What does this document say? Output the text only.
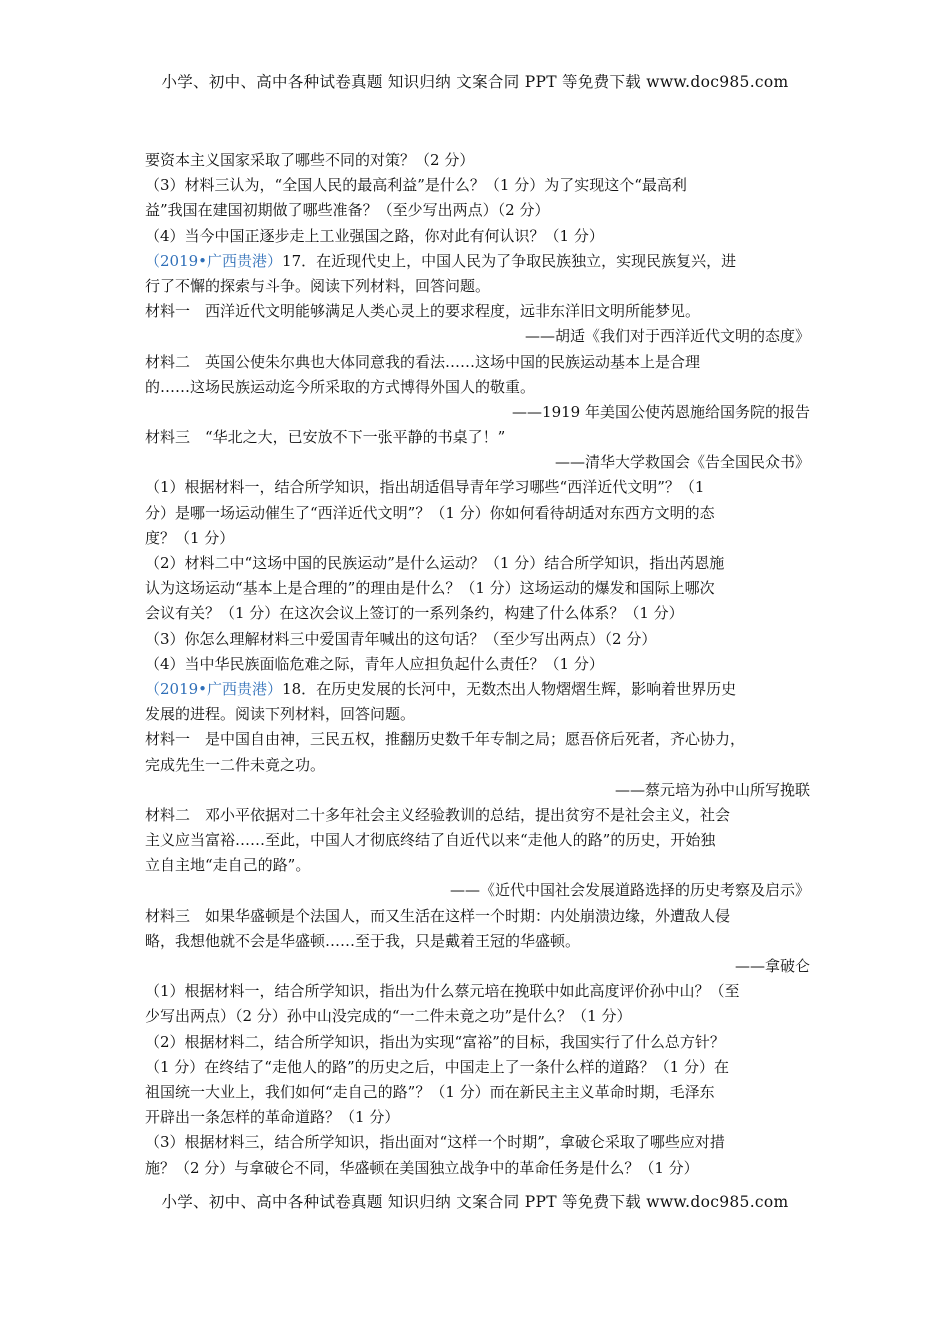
小学、初中、高中各种试卷真题 知识归纳 文案合同 PPT 等免费下载 www.doc985.com
要资本主义国家采取了哪些不同的对策？（2 分）
（3）材料三认为，“全国人民的最高利益”是什么？（1 分）为了实现这个“最高利
益”我国在建国初期做了哪些准备？（至少写出两点）（2 分）
（4）当今中国正逐步走上工业强国之路，你对此有何认识？（1 分）
（2019•广西贵港）17．在近现代史上，中国人民为了争取民族独立，实现民族复兴，进
行了不懈的探索与斗争。阅读下列材料，回答问题。
材料一　西洋近代文明能够满足人类心灵上的要求程度，远非东洋旧文明所能梦见。
——胡适《我们对于西洋近代文明的态度》
材料二　英国公使朱尔典也大体同意我的看法……这场中国的民族运动基本上是合理
的……这场民族运动迄今所采取的方式博得外国人的敬重。
——1919 年美国公使芮恩施给国务院的报告
材料三　“华北之大，已安放不下一张平静的书桌了！”
——清华大学救国会《告全国民众书》
（1）根据材料一，结合所学知识，指出胡适倡导青年学习哪些“西洋近代文明”？（1
分）是哪一场运动催生了“西洋近代文明”？（1 分）你如何看待胡适对东西方文明的态
度？（1 分）
（2）材料二中“这场中国的民族运动”是什么运动？（1 分）结合所学知识，指出芮恩施
认为这场运动“基本上是合理的”的理由是什么？（1 分）这场运动的爆发和国际上哪次
会议有关？（1 分）在这次会议上签订的一系列条约，构建了什么体系？（1 分）
（3）你怎么理解材料三中爱国青年喊出的这句话？（至少写出两点）（2 分）
（4）当中华民族面临危难之际，青年人应担负起什么责任？（1 分）
（2019•广西贵港）18．在历史发展的长河中，无数杰出人物熠熠生辉，影响着世界历史
发展的进程。阅读下列材料，回答问题。
材料一　是中国自由神，三民五权，推翻历史数千年专制之局；愿吾侪后死者，齐心协力，
完成先生一二件未竟之功。
——蔡元培为孙中山所写挽联
材料二　邓小平依据对二十多年社会主义经验教训的总结，提出贫穷不是社会主义，社会
主义应当富裕……至此，中国人才彻底终结了自近代以来“走他人的路”的历史，开始独
立自主地“走自己的路”。
——《近代中国社会发展道路选择的历史考察及启示》
材料三　如果华盛顿是个法国人，而又生活在这样一个时期：内处崩溃边缘，外遭敌人侵
略，我想他就不会是华盛顿……至于我，只是戴着王冠的华盛顿。
——拿破仑
（1）根据材料一，结合所学知识，指出为什么蔡元培在挽联中如此高度评价孙中山？（至
少写出两点）（2 分）孙中山没完成的“一二件未竟之功”是什么？（1 分）
（2）根据材料二，结合所学知识，指出为实现“富裕”的目标，我国实行了什么总方针？
（1 分）在终结了“走他人的路”的历史之后，中国走上了一条什么样的道路？（1 分）在
祖国统一大业上，我们如何“走自己的路”？（1 分）而在新民主主义革命时期，毛泽东
开辟出一条怎样的革命道路？（1 分）
（3）根据材料三，结合所学知识，指出面对“这样一个时期”，拿破仑采取了哪些应对措
施？（2 分）与拿破仑不同，华盛顿在美国独立战争中的革命任务是什么？（1 分）
小学、初中、高中各种试卷真题 知识归纳 文案合同 PPT 等免费下载 www.doc985.com
